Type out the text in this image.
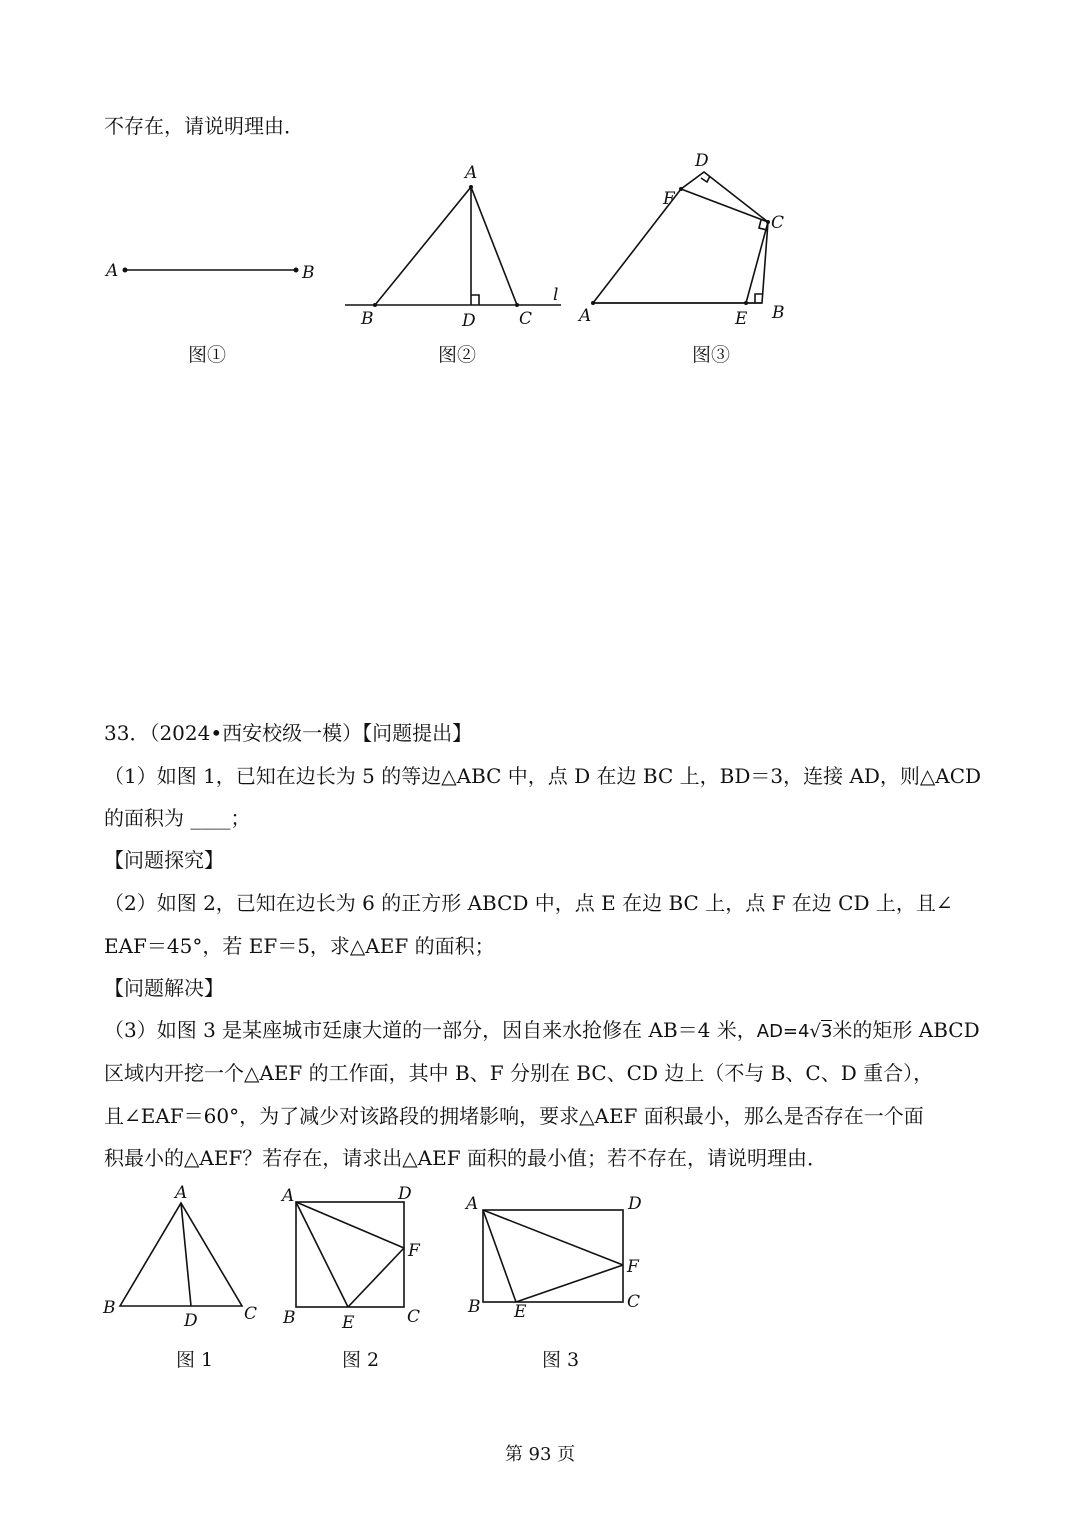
不存在，请说明理由．
A	B
图①
A
B	D	C
l
图②
D
F
C
A	E B
图③
33．（2024•西安校级一模）【问题提出】
（1）如图 1，已知在边长为 5 的等边△ABC 中，点 D 在边 BC 上，BD＝3，连接 AD，则△ACD
的面积为 ____；
【问题探究】
（2）如图 2，已知在边长为 6 的正方形 ABCD 中，点 E 在边 BC 上，点 F 在边 CD 上，且∠
EAF＝45°，若 EF＝5，求△AEF 的面积；
【问题解决】
（3）如图 3 是某座城市廷康大道的一部分，因自来水抢修在 AB＝4 米，AD=4√3米的矩形 ABCD
区域内开挖一个△AEF 的工作面，其中 B、F 分别在 BC、CD 边上（不与 B、C、D 重合），
且∠EAF＝60°，为了减少对该路段的拥堵影响，要求△AEF 面积最小，那么是否存在一个面
积最小的△AEF？若存在，请求出△AEF 面积的最小值；若不存在，请说明理由．
A
B
D	C
图 1
A	D
F
B	E	C
图 2
A	D
F
B E	C
图 3
第 93 页
